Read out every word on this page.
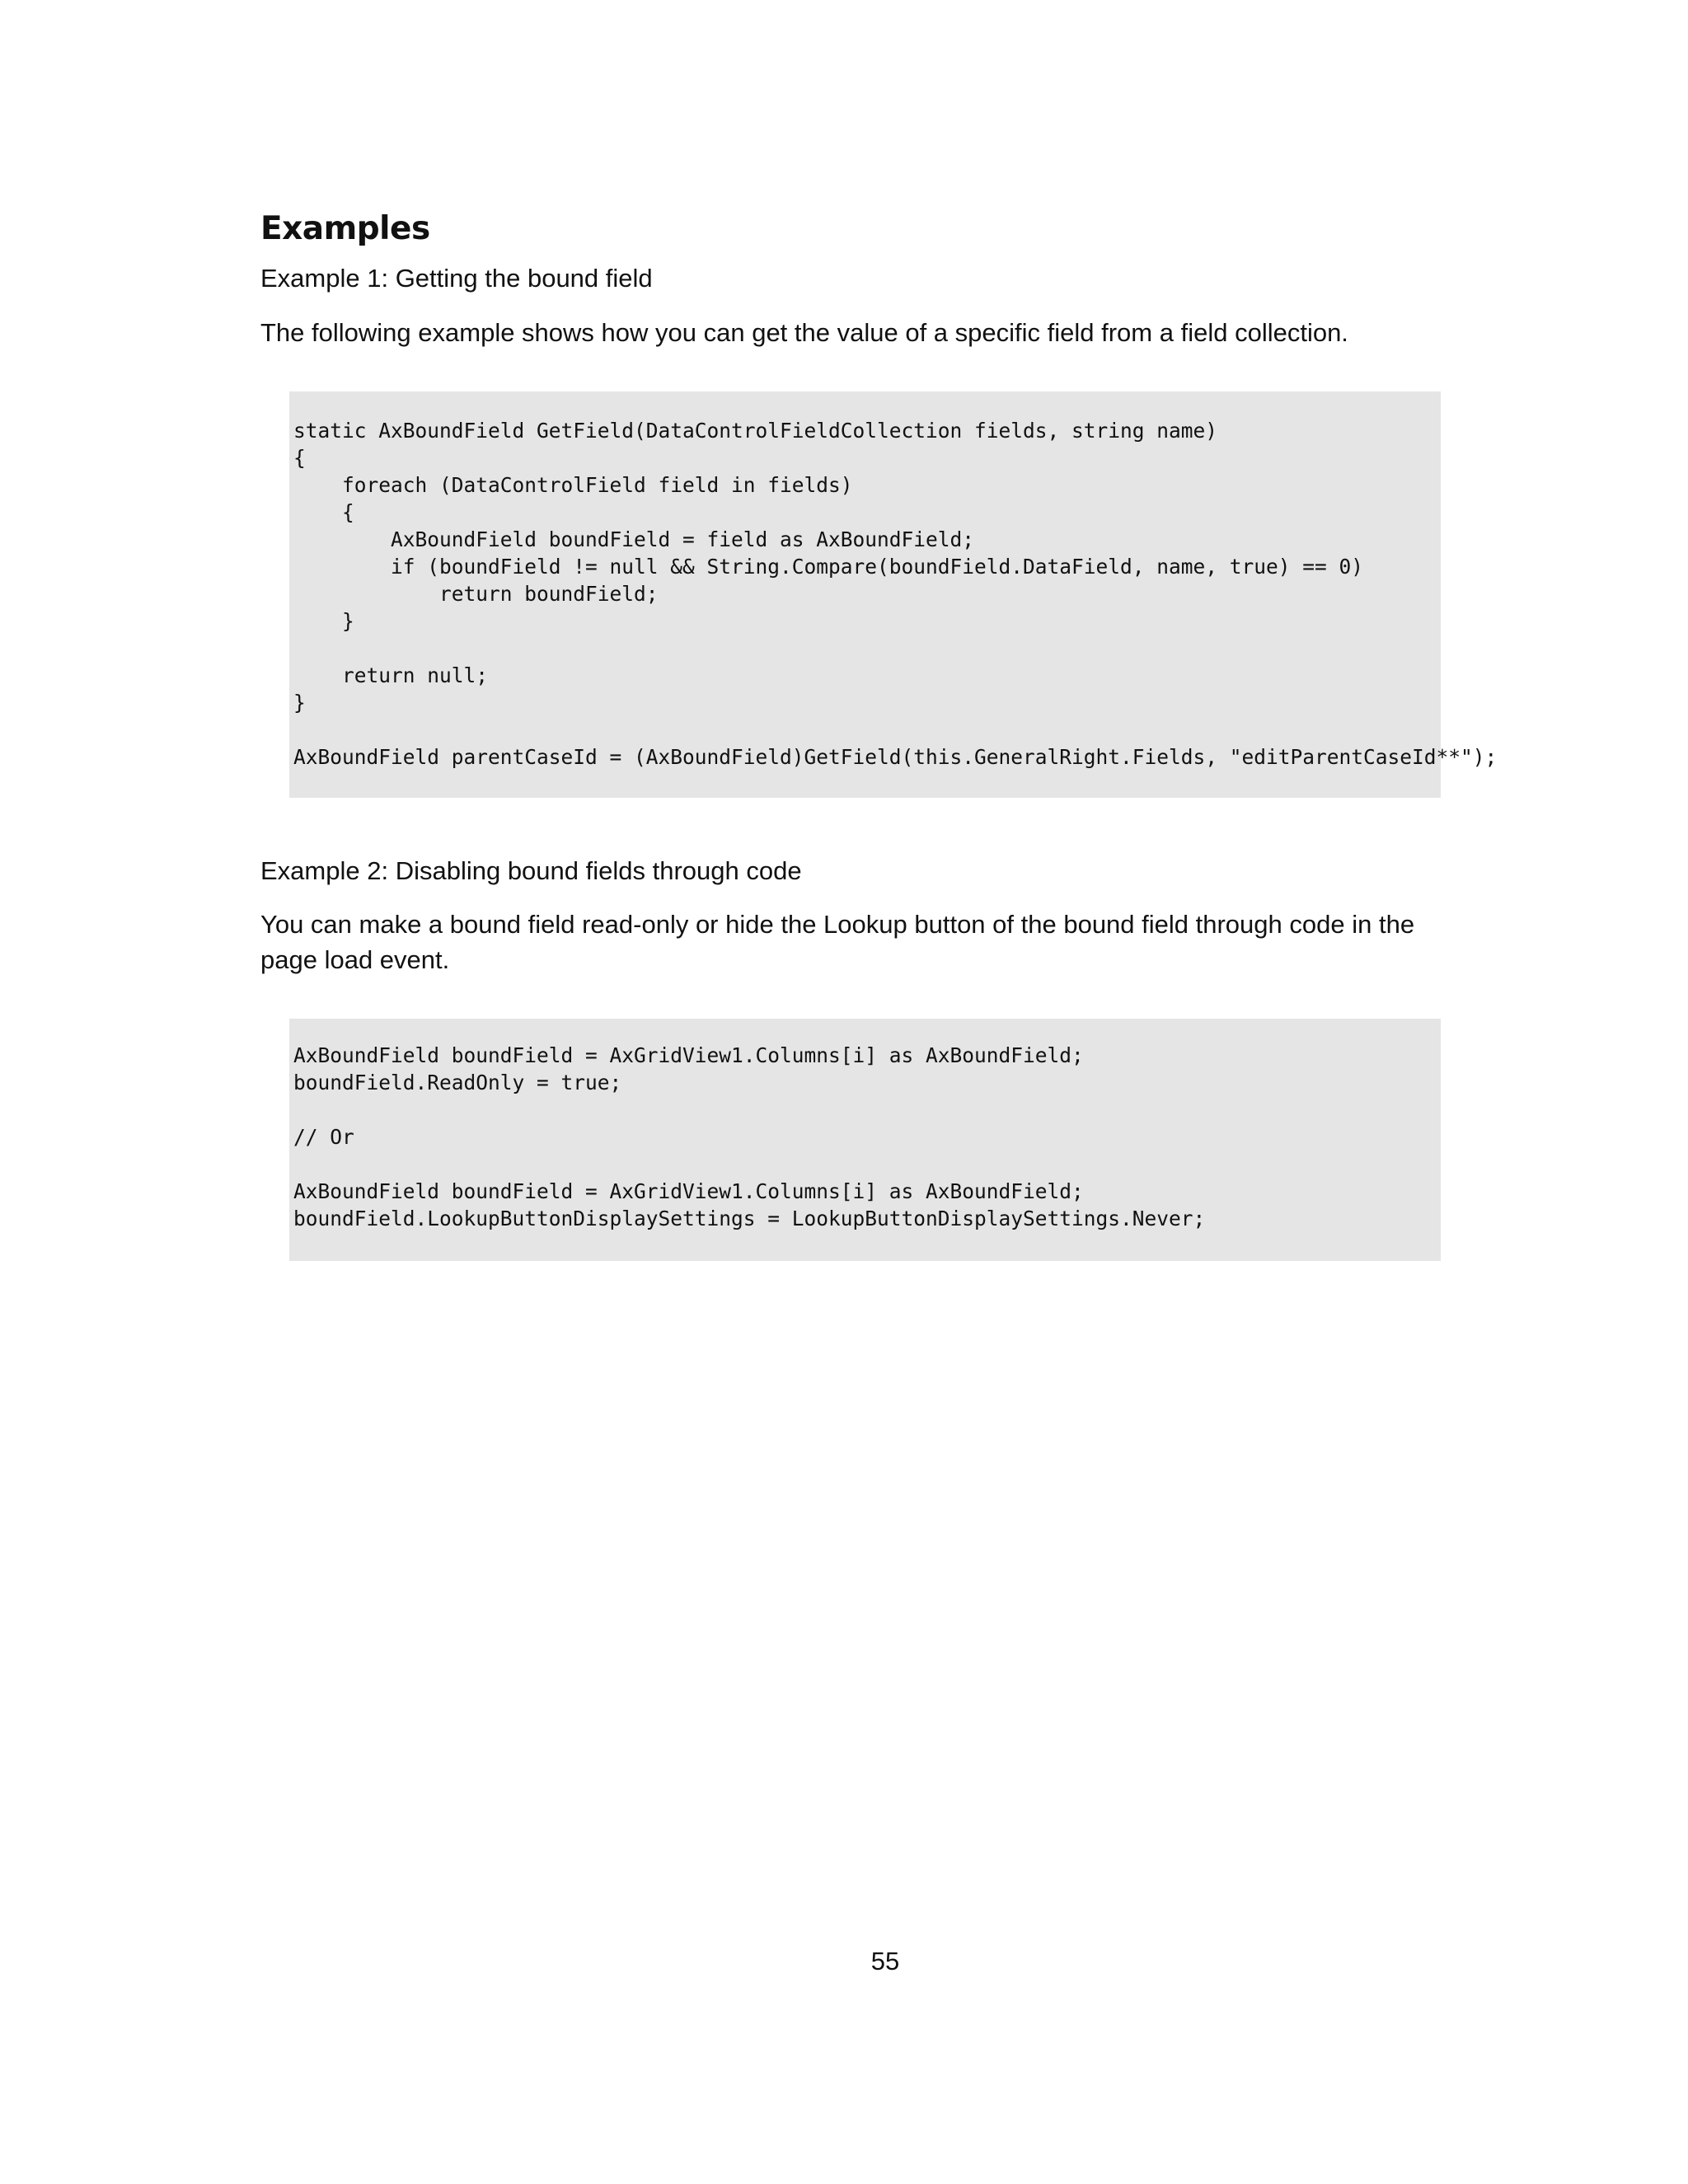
Examples

Example 1: Getting the bound field

The following example shows how you can get the value of a specific field from a field collection.

static AxBoundField GetField(DataControlFieldCollection fields, string name)
{
foreach (DataControlField field in fields)
{
AxBoundField boundField = field as AxBoundField;
if (boundField != null && String.Compare(boundField.DataField, name, true) == 0)
return boundField;
}
return null;
}
AxBoundField parentCaseId = (AxBoundField)GetField(this.GeneralRight.Fields, "editParentCaseId**");

Example 2: Disabling bound fields through code

You can make a bound field read-only or hide the Lookup button of the bound field through code in the page load event.

AxBoundField boundField = AxGridView1.Columns[i] as AxBoundField;
boundField.ReadOnly = true;
// Or
AxBoundField boundField = AxGridView1.Columns[i] as AxBoundField;
boundField.LookupButtonDisplaySettings = LookupButtonDisplaySettings.Never;

55
